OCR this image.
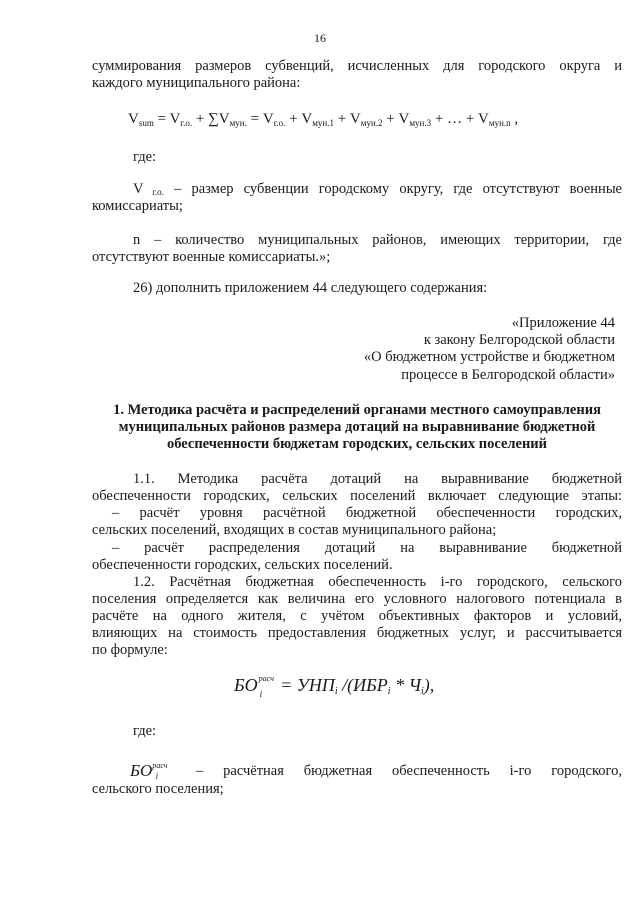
16
суммирования размеров субвенций, исчисленных для городского округа и
каждого муниципального района:
$V_{sum} = V_{г.о.} + \sum V_{мун.} = V_{г.о.} + V_{мун.1} + V_{мун.2} + V_{мун.3}$ + … + $V_{мун.n}$ ,
где:
V г.о. – размер субвенции городскому округу, где отсутствуют военные
комиссариаты;
n – количество муниципальных районов, имеющих территории, где
отсутствуют военные комиссариаты.»;
26) дополнить приложением 44 следующего содержания:
«Приложение 44
к закону Белгородской области
«О бюджетном устройстве и бюджетном
процессе в Белгородской области»
1. Методика расчёта и распределений органами местного самоуправления
муниципальных районов размера дотаций на выравнивание бюджетной
обеспеченности бюджетам городских, сельских поселений
1.1. Методика расчёта дотаций на выравнивание бюджетной
обеспеченности городских, сельских поселений включает следующие этапы:
– расчёт уровня расчётной бюджетной обеспеченности городских,
сельских поселений, входящих в состав муниципального района;
– расчёт распределения дотаций на выравнивание бюджетной
обеспеченности городских, сельских поселений.
1.2. Расчётная бюджетная обеспеченность i-го городского, сельского
поселения определяется как величина его условного налогового потенциала в
расчёте на одного жителя, с учётом объективных факторов и условий,
влияющих на стоимость предоставления бюджетных услуг, и рассчитывается
по формуле:
БО расч
i = УНПi /(ИБРi * Чi),
где:
$БО^{расч}i$	– расчётная бюджетная обеспеченность i-го городского,
сельского поселения;
